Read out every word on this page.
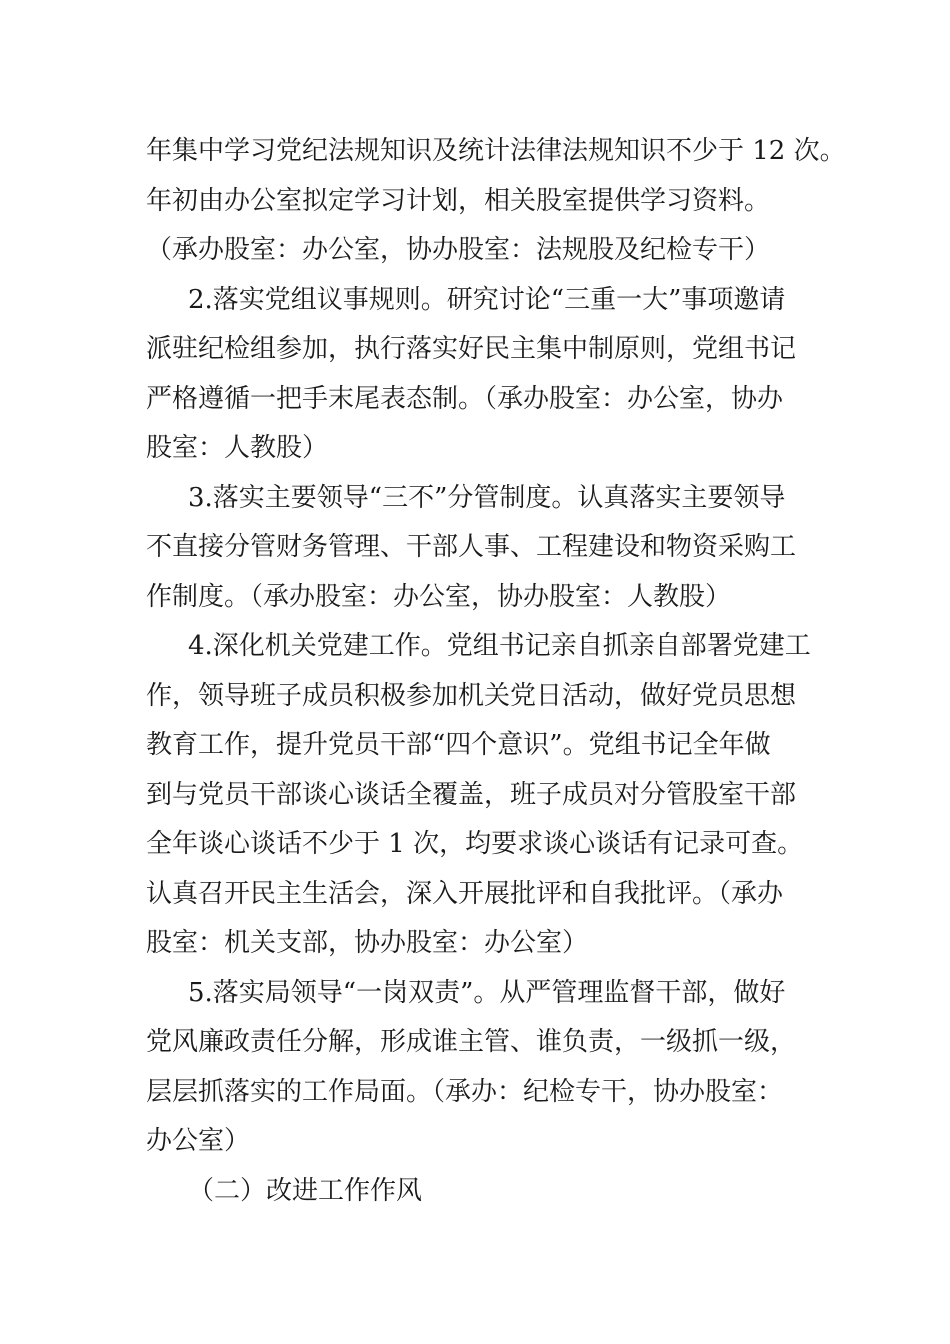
年集中学习党纪法规知识及统计法律法规知识不少于 12 次。
年初由办公室拟定学习计划，相关股室提供学习资料。
（承办股室：办公室，协办股室：法规股及纪检专干）
2.落实党组议事规则。研究讨论“三重一大”事项邀请
派驻纪检组参加，执行落实好民主集中制原则，党组书记
严格遵循一把手末尾表态制。（承办股室：办公室，协办
股室：人教股）
3.落实主要领导“三不”分管制度。认真落实主要领导
不直接分管财务管理、干部人事、工程建设和物资采购工
作制度。（承办股室：办公室，协办股室：人教股）
4.深化机关党建工作。党组书记亲自抓亲自部署党建工
作，领导班子成员积极参加机关党日活动，做好党员思想
教育工作，提升党员干部“四个意识”。党组书记全年做
到与党员干部谈心谈话全覆盖，班子成员对分管股室干部
全年谈心谈话不少于 1 次，均要求谈心谈话有记录可查。
认真召开民主生活会，深入开展批评和自我批评。（承办
股室：机关支部，协办股室：办公室）
5.落实局领导“一岗双责”。从严管理监督干部，做好
党风廉政责任分解，形成谁主管、谁负责，一级抓一级，
层层抓落实的工作局面。（承办：纪检专干，协办股室：
办公室）
（二）改进工作作风
